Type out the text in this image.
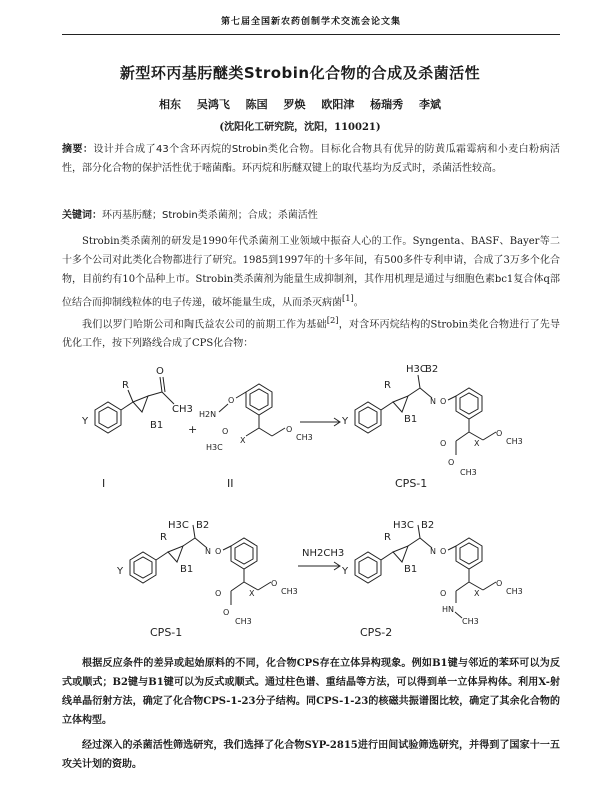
第七届全国新农药创制学术交流会论文集
新型环丙基肟醚类Strobin化合物的合成及杀菌活性
相东 吴鸿飞 陈国 罗焕 欧阳津 杨瑞秀 李斌
(沈阳化工研究院，沈阳，110021)
摘要：设计并合成了43个含环丙烷的Strobin类化合物。目标化合物具有优异的防黄瓜霜霉病和小麦白粉病活性，部分化合物的保护活性优于嘧菌酯。环丙烷和肟醚双键上的取代基均为反式时，杀菌活性较高。
关键词：环丙基肟醚；Strobin类杀菌剂；合成；杀菌活性
Strobin类杀菌剂的研发是1990年代杀菌剂工业领域中振奋人心的工作。Syngenta、BASF、Bayer等二十多个公司对此类化合物都进行了研究。1985到1997年的十多年间，有500多件专利申请，合成了3万多个化合物，目前约有10个品种上市。Strobin类杀菌剂为能量生成抑制剂，其作用机理是通过与细胞色素bc1复合体q部位结合而抑制线粒体的电子传递，破坏能量生成，从而杀灭病菌[1]。
我们以罗门哈斯公司和陶氏益农公司的前期工作为基础[2]，对含环丙烷结构的Strobin类化合物进行了先导优化工作，按下列路线合成了CPS化合物：
O
R
Y	B1
CH3
+
H2N
O
O
CH3
X
O
H3C
H3C
B2
N O
O
CH3
O
O
CH3
X
R
Y	B1
I	II	CPS-1
H3C B2
N O
O
CH3
O
O
CH3
X
R
Y	B1
NH2CH3
H3C B2
N O
O
CH3
O
HN
CH3
X
R
Y	B1
CPS-1	CPS-2
根据反应条件的差异或起始原料的不同，化合物CPS存在立体异构现象。例如B1键与邻近的苯环可以为反式或顺式；B2键与B1键可以为反式或顺式。通过柱色谱、重结晶等方法，可以得到单一立体异构体。利用X-射线单晶衍射方法，确定了化合物CPS-1-23分子结构。同CPS-1-23的核磁共振谱图比较，确定了其余化合物的立体构型。
经过深入的杀菌活性筛选研究，我们选择了化合物SYP-2815进行田间试验筛选研究，并得到了国家十一五攻关计划的资助。
